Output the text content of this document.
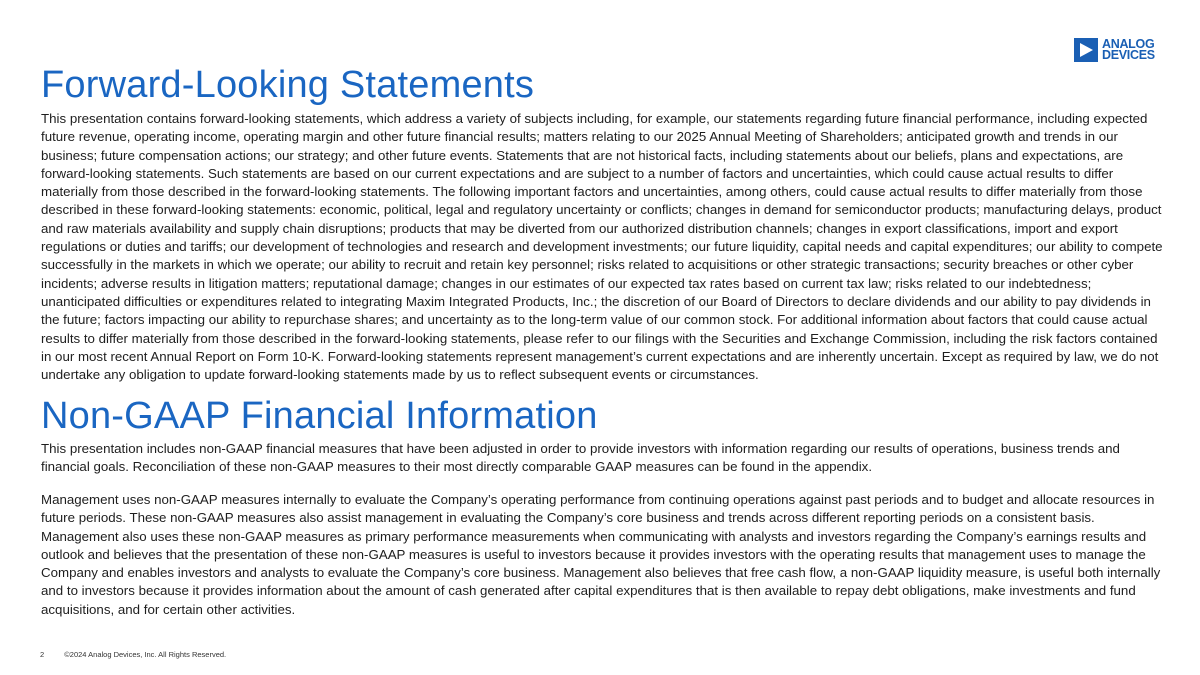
ANALOG
DEVICES
Forward-Looking Statements

This presentation contains forward-looking statements, which address a variety of subjects including, for example, our statements regarding future financial performance, including expected future revenue, operating income, operating margin and other future financial results; matters relating to our 2025 Annual Meeting of Shareholders; anticipated growth and trends in our business; future compensation actions; our strategy; and other future events. Statements that are not historical facts, including statements about our beliefs, plans and expectations, are forward-looking statements. Such statements are based on our current expectations and are subject to a number of factors and uncertainties, which could cause actual results to differ materially from those described in the forward-looking statements. The following important factors and uncertainties, among others, could cause actual results to differ materially from those described in these forward-looking statements: economic, political, legal and regulatory uncertainty or conflicts; changes in demand for semiconductor products; manufacturing delays, product and raw materials availability and supply chain disruptions; products that may be diverted from our authorized distribution channels; changes in export classifications, import and export regulations or duties and tariffs; our development of technologies and research and development investments; our future liquidity, capital needs and capital expenditures; our ability to compete successfully in the markets in which we operate; our ability to recruit and retain key personnel; risks related to acquisitions or other strategic transactions; security breaches or other cyber incidents; adverse results in litigation matters; reputational damage; changes in our estimates of our expected tax rates based on current tax law; risks related to our indebtedness; unanticipated difficulties or expenditures related to integrating Maxim Integrated Products, Inc.; the discretion of our Board of Directors to declare dividends and our ability to pay dividends in the future; factors impacting our ability to repurchase shares; and uncertainty as to the long-term value of our common stock. For additional information about factors that could cause actual results to differ materially from those described in the forward-looking statements, please refer to our filings with the Securities and Exchange Commission, including the risk factors contained in our most recent Annual Report on Form 10-K. Forward-looking statements represent management’s current expectations and are inherently uncertain. Except as required by law, we do not undertake any obligation to update forward-looking statements made by us to reflect subsequent events or circumstances.

Non-GAAP Financial Information

This presentation includes non-GAAP financial measures that have been adjusted in order to provide investors with information regarding our results of operations, business trends and financial goals. Reconciliation of these non-GAAP measures to their most directly comparable GAAP measures can be found in the appendix.

Management uses non-GAAP measures internally to evaluate the Company’s operating performance from continuing operations against past periods and to budget and allocate resources in future periods. These non-GAAP measures also assist management in evaluating the Company’s core business and trends across different reporting periods on a consistent basis. Management also uses these non-GAAP measures as primary performance measurements when communicating with analysts and investors regarding the Company’s earnings results and outlook and believes that the presentation of these non-GAAP measures is useful to investors because it provides investors with the operating results that management uses to manage the Company and enables investors and analysts to evaluate the Company’s core business. Management also believes that free cash flow, a non-GAAP liquidity measure, is useful both internally and to investors because it provides information about the amount of cash generated after capital expenditures that is then available to repay debt obligations, make investments and fund acquisitions, and for certain other activities.

2	©2024 Analog Devices, Inc. All Rights Reserved.
